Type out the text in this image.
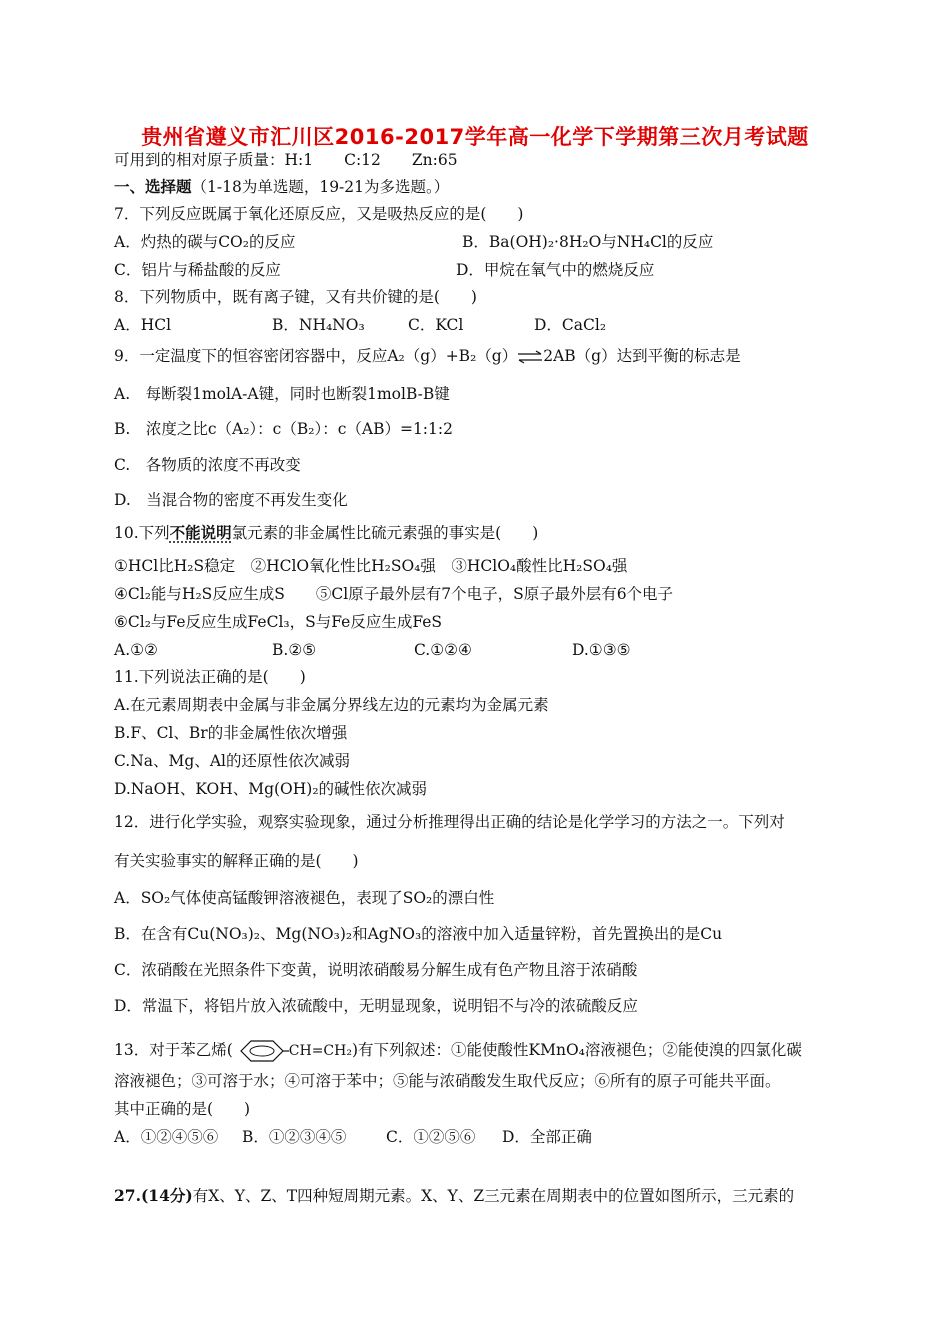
贵州省遵义市汇川区2016-2017学年高一化学下学期第三次月考试题
可用到的相对原子质量：H:1　　C:12　　Zn:65
一、选择题（1-18为单选题，19-21为多选题。）
7．下列反应既属于氧化还原反应，又是吸热反应的是(　　)
A．灼热的碳与CO₂的反应	B．Ba(OH)₂·8H₂O与NH₄Cl的反应
C．铝片与稀盐酸的反应	D．甲烷在氧气中的燃烧反应
8．下列物质中，既有离子键，又有共价键的是(　　)
A．HCl	B．NH₄NO₃	C．KCl	D．CaCl₂
9．一定温度下的恒容密闭容器中，反应A₂（g）+B₂（g）⇌2AB（g）达到平衡的标志是
A.　每断裂1molA-A键，同时也断裂1molB-B键
B.　浓度之比c（A₂）：c（B₂）：c（AB）=1:1:2
C.　各物质的浓度不再改变
D.　当混合物的密度不再发生变化
10.下列不能说明氯元素的非金属性比硫元素强的事实是(　　)
①HCl比H₂S稳定　②HClO氧化性比H₂SO₄强　③HClO₄酸性比H₂SO₄强
④Cl₂能与H₂S反应生成S　　⑤Cl原子最外层有7个电子，S原子最外层有6个电子
⑥Cl₂与Fe反应生成FeCl₃，S与Fe反应生成FeS
A.①②	B.②⑤	C.①②④	D.①③⑤
11.下列说法正确的是(　　)
A.在元素周期表中金属与非金属分界线左边的元素均为金属元素
B.F、Cl、Br的非金属性依次增强
C.Na、Mg、Al的还原性依次减弱
D.NaOH、KOH、Mg(OH)₂的碱性依次减弱
12．进行化学实验，观察实验现象，通过分析推理得出正确的结论是化学学习的方法之一。下列对
有关实验事实的解释正确的是(　　)
A．SO₂气体使高锰酸钾溶液褪色，表现了SO₂的漂白性
B．在含有Cu(NO₃)₂、Mg(NO₃)₂和AgNO₃的溶液中加入适量锌粉，首先置换出的是Cu
C．浓硝酸在光照条件下变黄，说明浓硝酸易分解生成有色产物且溶于浓硝酸
D．常温下，将铝片放入浓硫酸中，无明显现象，说明铝不与冷的浓硫酸反应
13．对于苯乙烯(	CH=CH₂)有下列叙述：①能使酸性KMnO₄溶液褪色；②能使溴的四氯化碳
溶液褪色；③可溶于水；④可溶于苯中；⑤能与浓硝酸发生取代反应；⑥所有的原子可能共平面。
其中正确的是(　　)
A．①②④⑤⑥ B．①②③④⑤	C．①②⑤⑥ D．全部正确
27.(14分)有X、Y、Z、T四种短周期元素。X、Y、Z三元素在周期表中的位置如图所示，三元素的
